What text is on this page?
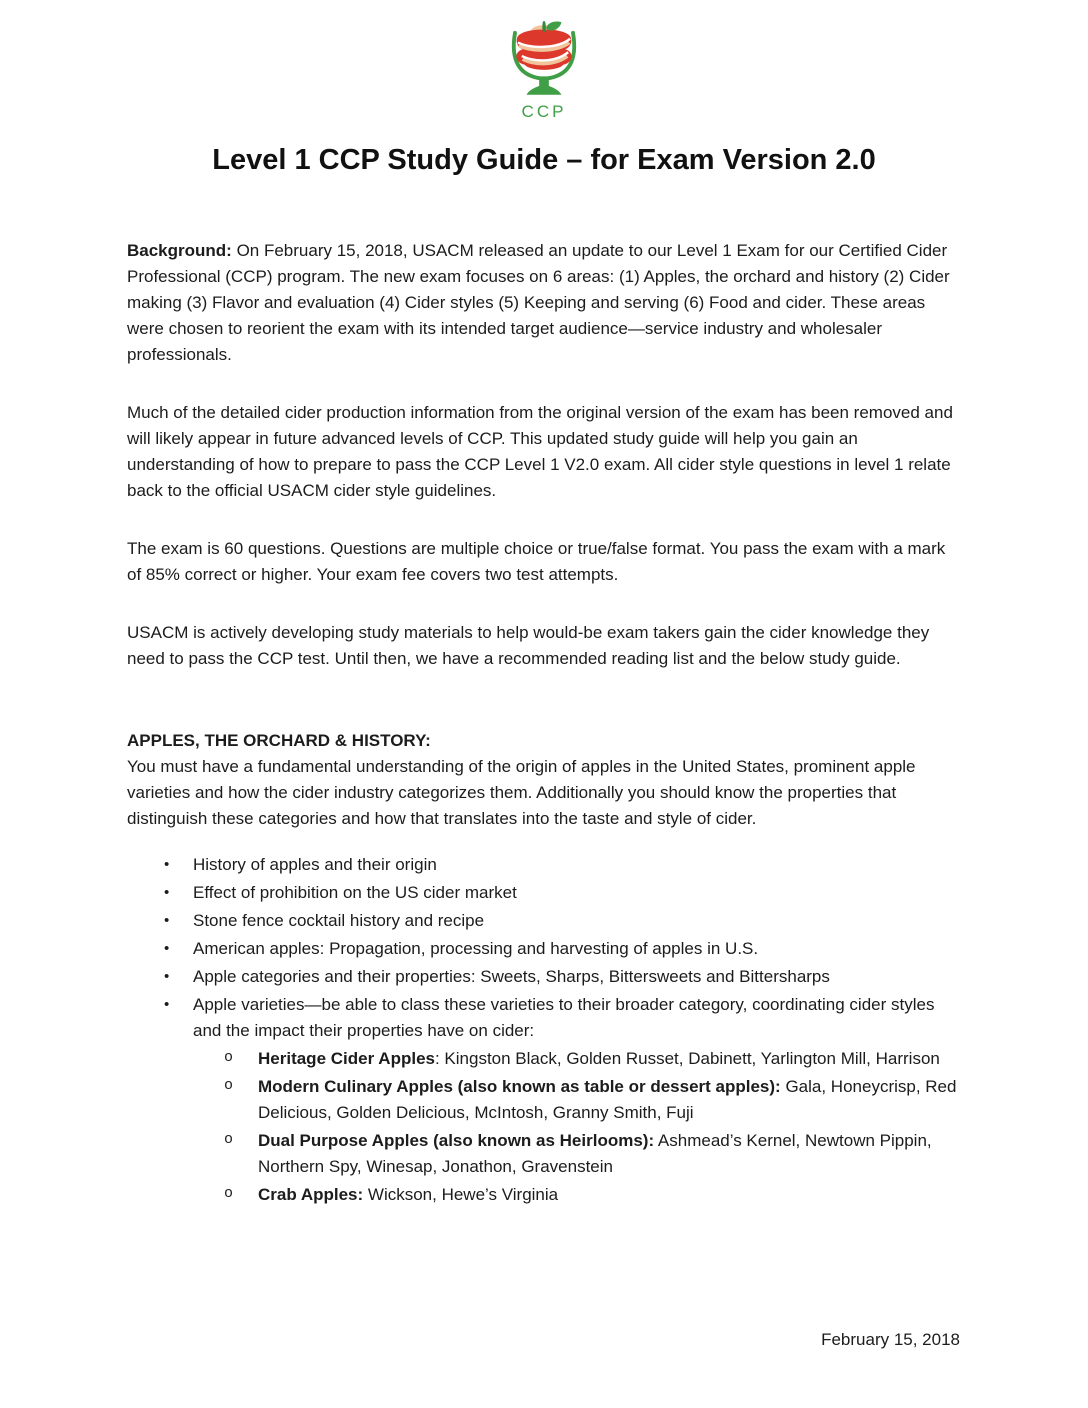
CCP
Level 1 CCP Study Guide – for Exam Version 2.0

Background: On February 15, 2018, USACM released an update to our Level 1 Exam for our Certified Cider Professional (CCP) program. The new exam focuses on 6 areas: (1) Apples, the orchard and history (2) Cider making (3) Flavor and evaluation (4) Cider styles (5) Keeping and serving (6) Food and cider. These areas were chosen to reorient the exam with its intended target audience—service industry and wholesaler professionals.

Much of the detailed cider production information from the original version of the exam has been removed and will likely appear in future advanced levels of CCP. This updated study guide will help you gain an understanding of how to prepare to pass the CCP Level 1 V2.0 exam. All cider style questions in level 1 relate back to the official USACM cider style guidelines.

The exam is 60 questions. Questions are multiple choice or true/false format. You pass the exam with a mark of 85% correct or higher. Your exam fee covers two test attempts.

USACM is actively developing study materials to help would-be exam takers gain the cider knowledge they need to pass the CCP test. Until then, we have a recommended reading list and the below study guide.

APPLES, THE ORCHARD & HISTORY:

You must have a fundamental understanding of the origin of apples in the United States, prominent apple varieties and how the cider industry categorizes them. Additionally you should know the properties that distinguish these categories and how that translates into the taste and style of cider.

• History of apples and their origin
• Effect of prohibition on the US cider market
• Stone fence cocktail history and recipe
• American apples: Propagation, processing and harvesting of apples in U.S.
• Apple categories and their properties: Sweets, Sharps, Bittersweets and Bittersharps
• Apple varieties—be able to class these varieties to their broader category, coordinating cider styles and the impact their properties have on cider:
o Heritage Cider Apples: Kingston Black, Golden Russet, Dabinett, Yarlington Mill, Harrison
o Modern Culinary Apples (also known as table or dessert apples): Gala, Honeycrisp, Red Delicious, Golden Delicious, McIntosh, Granny Smith, Fuji
o Dual Purpose Apples (also known as Heirlooms): Ashmead’s Kernel, Newtown Pippin, Northern Spy, Winesap, Jonathon, Gravenstein
o Crab Apples: Wickson, Hewe’s Virginia
February 15, 2018
